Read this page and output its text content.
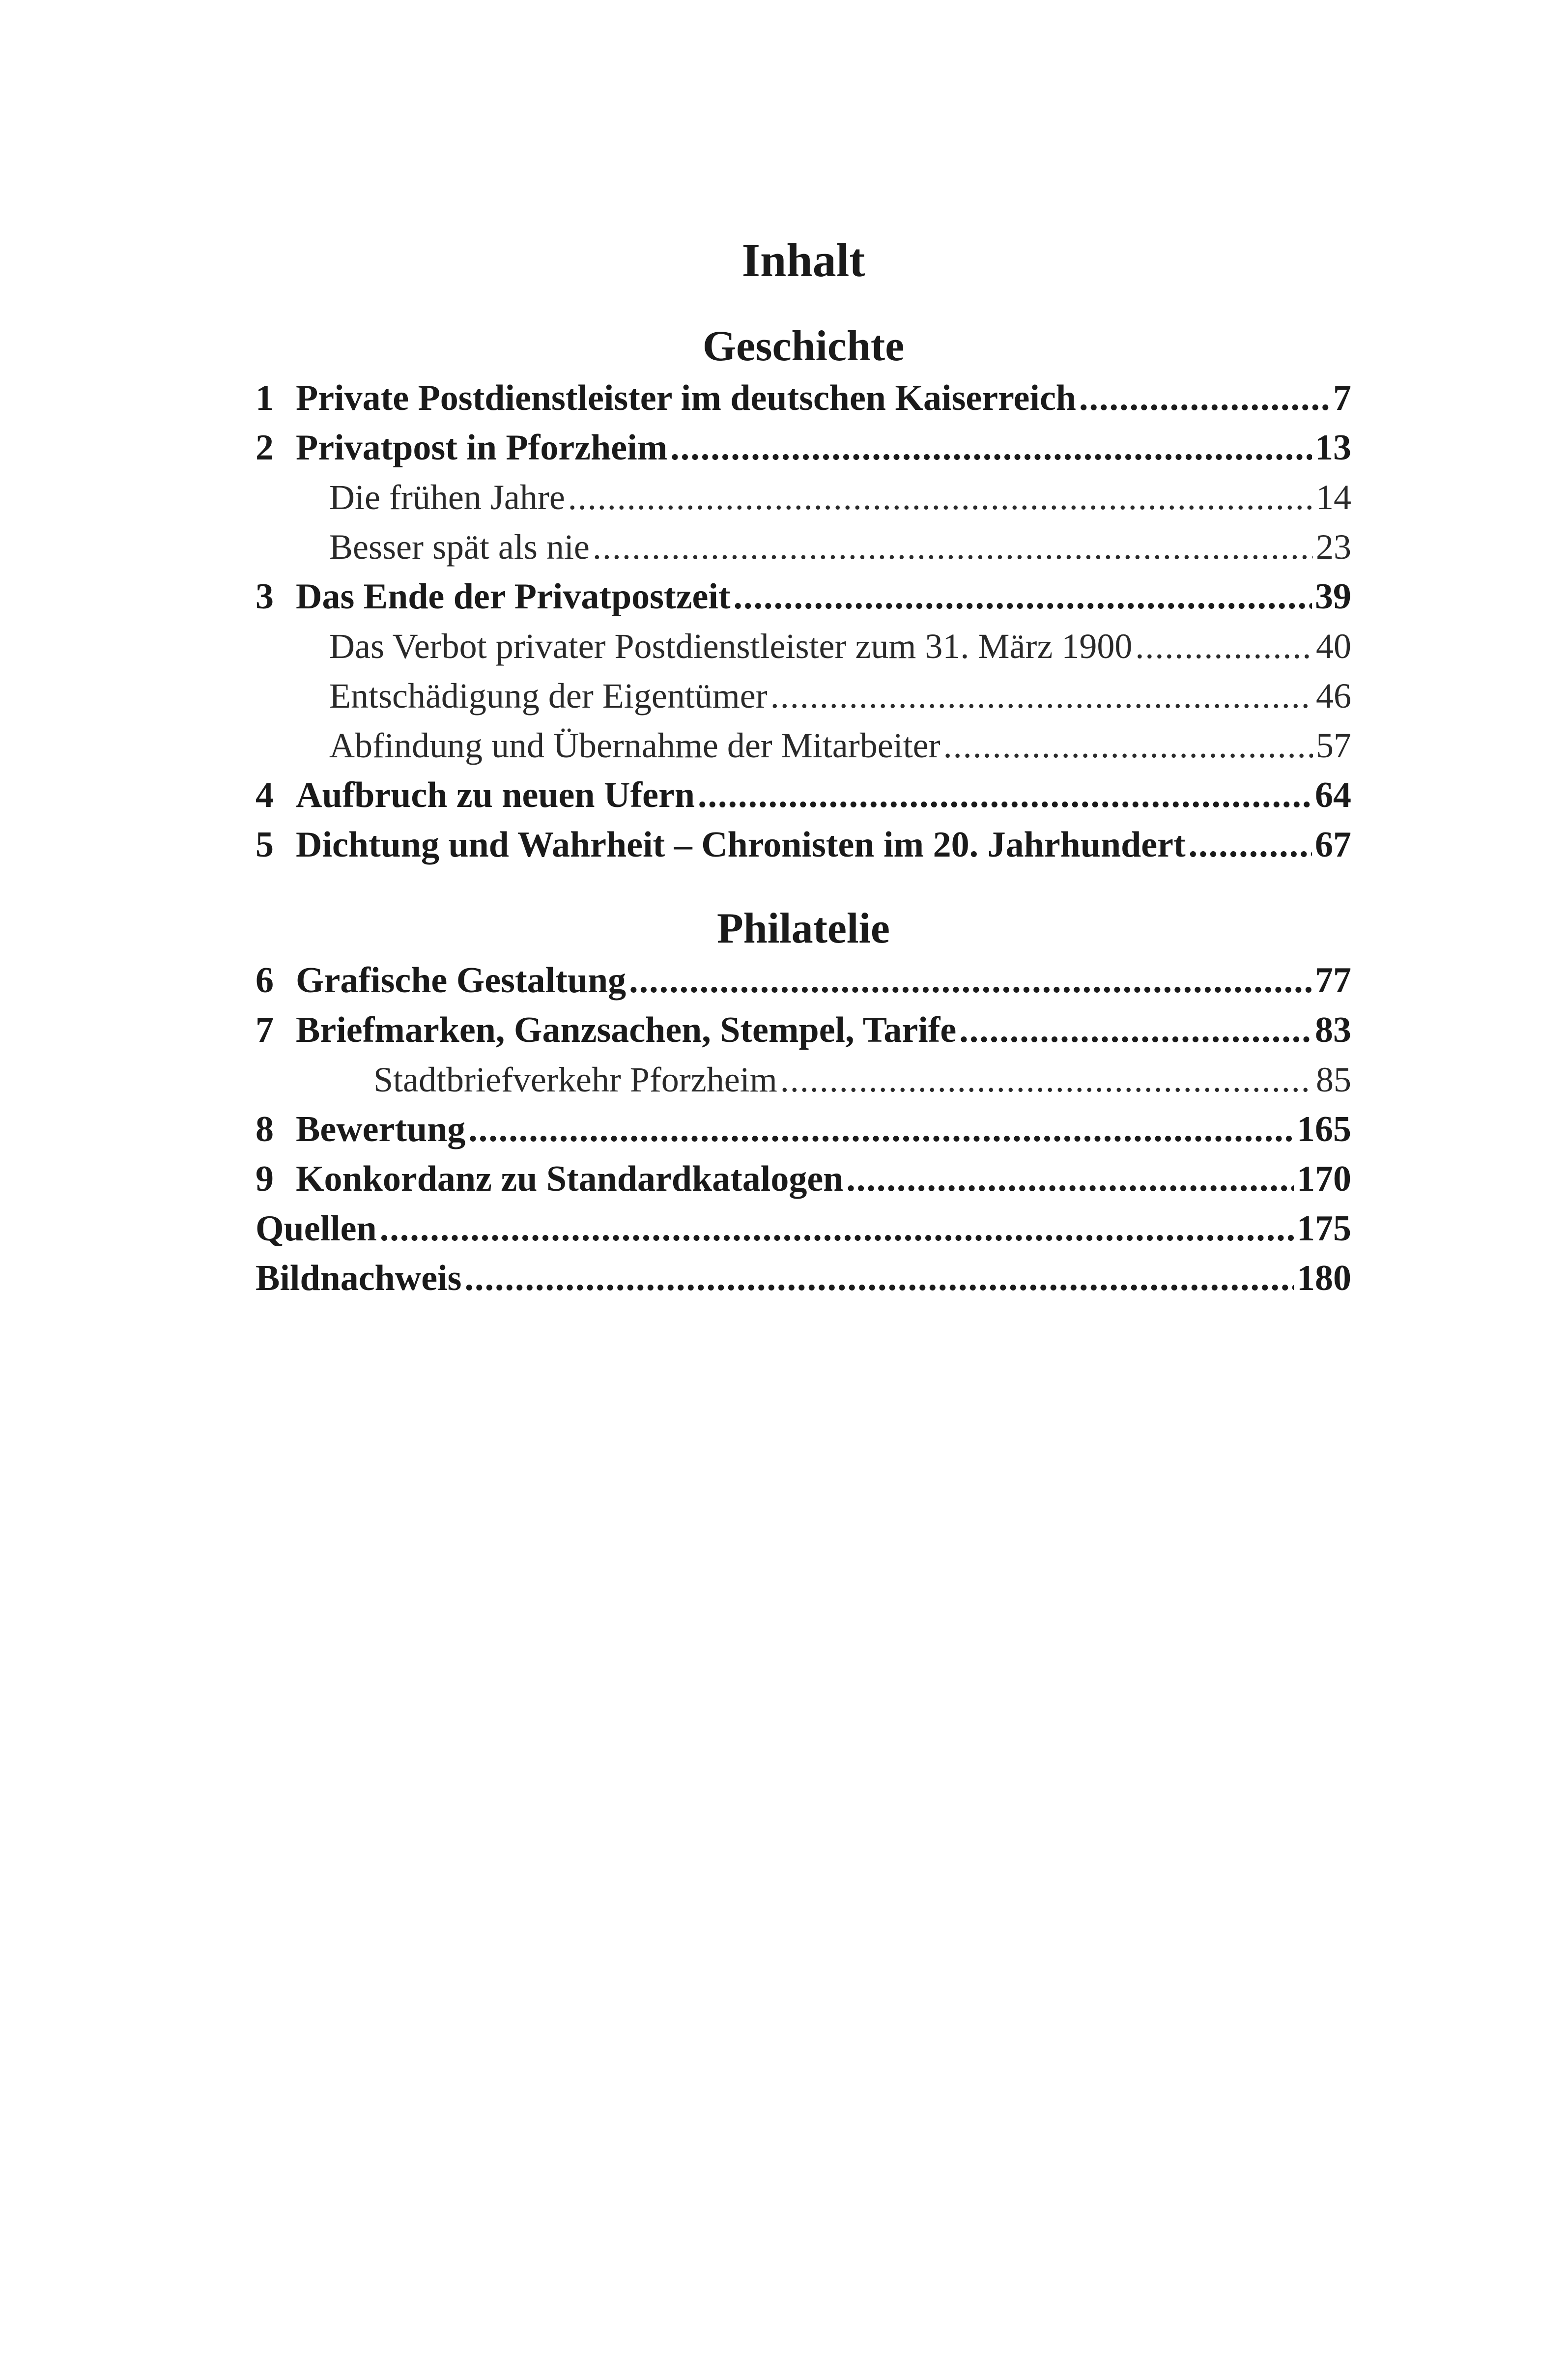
Inhalt
Geschichte
1 Private Postdienstleister im deutschen Kaiserreich .....	7
2 Privatpost in Pforzheim .....	13
Die frühen Jahre .....	14
Besser spät als nie .....	23
3 Das Ende der Privatpostzeit .....	39
Das Verbot privater Postdienstleister zum 31. März 1900 .....	40
Entschädigung der Eigentümer .....	46
Abfindung und Übernahme der Mitarbeiter .....	57
4 Aufbruch zu neuen Ufern .....	64
5 Dichtung und Wahrheit – Chronisten im 20. Jahrhundert .....	67
Philatelie
6 Grafische Gestaltung .....	77
7 Briefmarken, Ganzsachen, Stempel, Tarife .....	83
Stadtbriefverkehr Pforzheim .....	85
8 Bewertung .....	165
9 Konkordanz zu Standardkatalogen .....	170
Quellen .....	175
Bildnachweis .....	180
